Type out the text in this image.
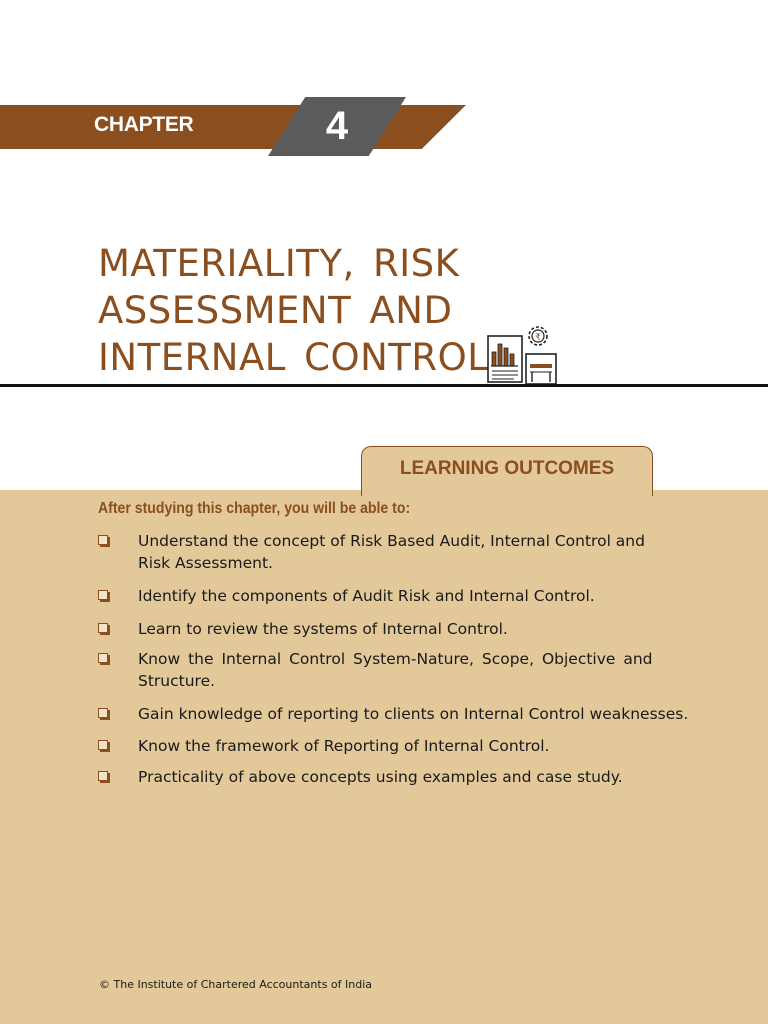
CHAPTER	4
MATERIALITY, RISK
ASSESSMENT AND
INTERNAL CONTROL	₹
LEARNING OUTCOMES
After studying this chapter, you will be able to:
Understand the concept of Risk Based Audit, Internal Control and Risk Assessment.
Identify the components of Audit Risk and Internal Control.
Learn to review the systems of Internal Control.
Know the Internal Control System-Nature, Scope, Objective and Structure.
Gain knowledge of reporting to clients on Internal Control weaknesses.
Know the framework of Reporting of Internal Control.
Practicality of above concepts using examples and case study.
© The Institute of Chartered Accountants of India
